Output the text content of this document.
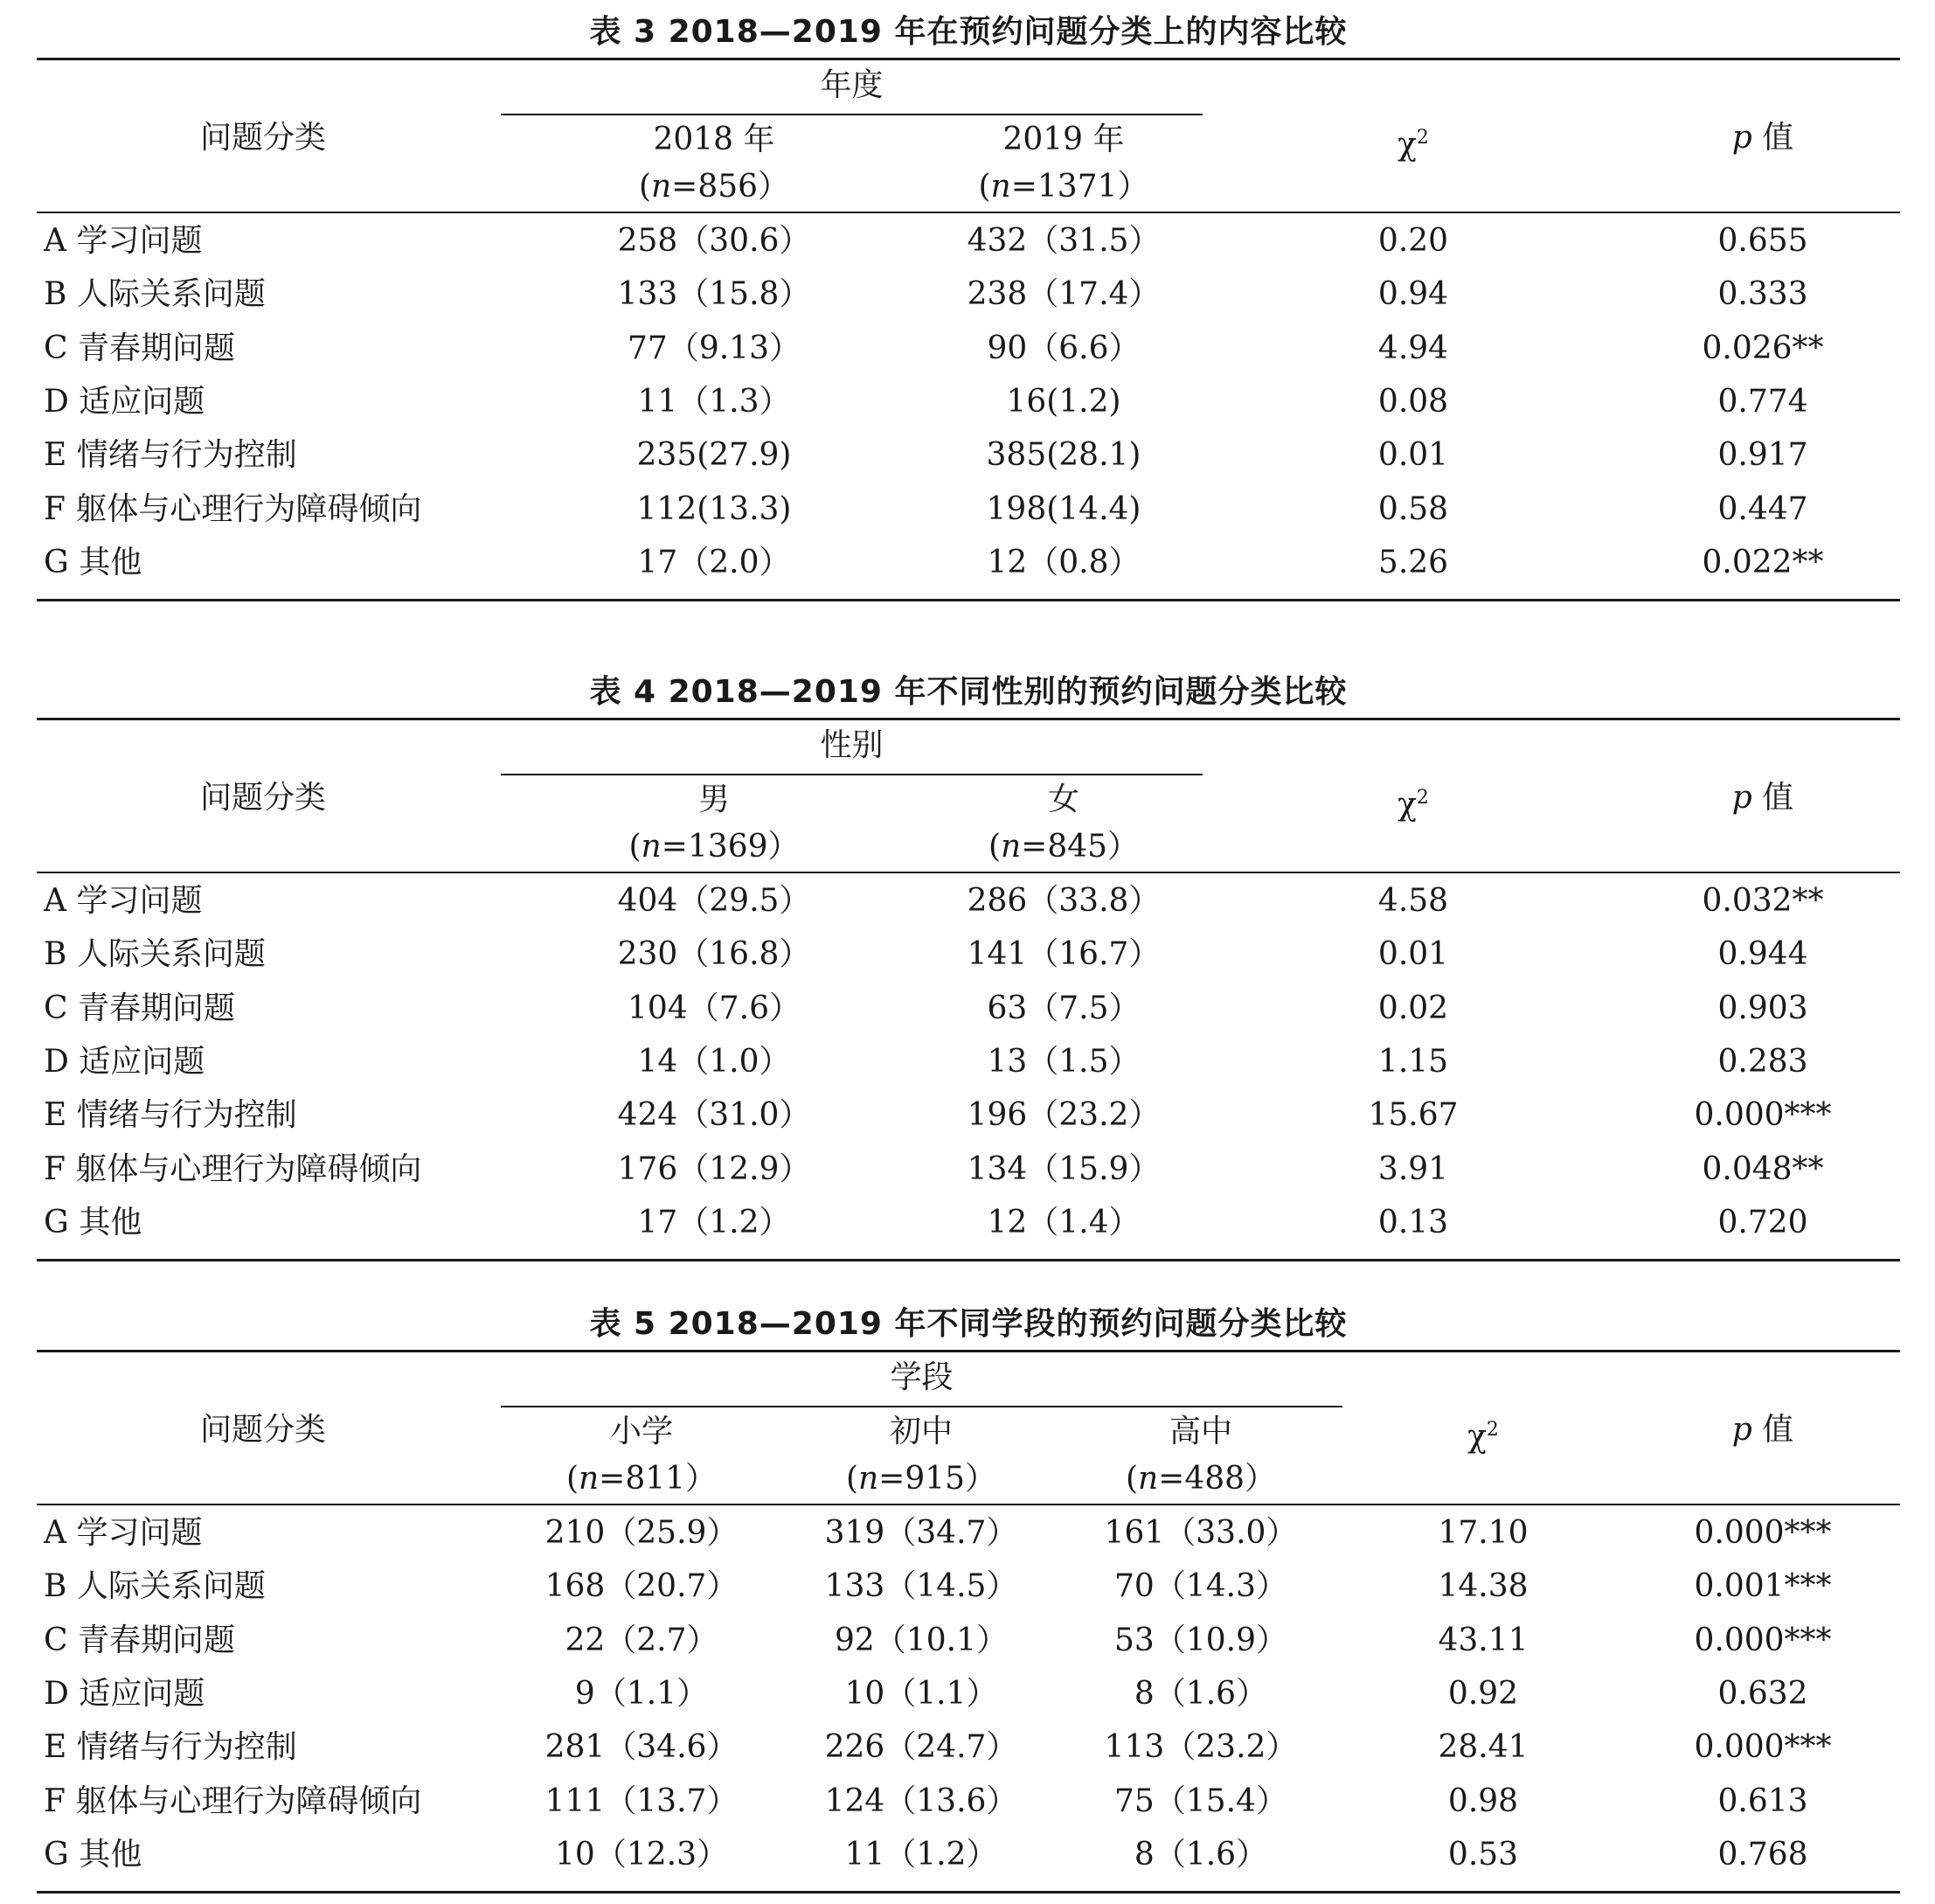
表 3 2018—2019 年在预约问题分类上的内容比较
年度
问题分类	2018 年
(n=856）
2019 年
(n=1371）
$\chi^2$	p 值
A 学习问题	258（30.6）	432（31.5）	0.20	0.655
B 人际关系问题	133（15.8）	238（17.4）	0.94	0.333
C 青春期问题	77（9.13）	90（6.6）	4.94	0.026**
D 适应问题	11（1.3）	16(1.2)	0.08	0.774
E 情绪与行为控制	235(27.9)	385(28.1)	0.01	0.917
F 躯体与心理行为障碍倾向	112(13.3)	198(14.4)	0.58	0.447
G 其他	17（2.0）	12（0.8）	5.26	0.022**
表 4 2018—2019 年不同性别的预约问题分类比较
性别
问题分类	男
(n=1369）
女
(n=845）
$\chi^2$	p 值
A 学习问题	404（29.5）	286（33.8）	4.58	0.032**
B 人际关系问题	230（16.8）	141（16.7）	0.01	0.944
C 青春期问题	104（7.6）	63（7.5）	0.02	0.903
D 适应问题	14（1.0）	13（1.5）	1.15	0.283
E 情绪与行为控制	424（31.0）	196（23.2）	15.67	0.000***
F 躯体与心理行为障碍倾向	176（12.9）	134（15.9）	3.91	0.048**
G 其他	17（1.2）	12（1.4）	0.13	0.720
表 5 2018—2019 年不同学段的预约问题分类比较
学段
问题分类	小学
(n=811）
初中
(n=915）
高中
(n=488）
$\chi^2$	p 值
A 学习问题	210（25.9）	319（34.7）	161（33.0）	17.10	0.000***
B 人际关系问题	168（20.7）	133（14.5）	70（14.3）	14.38	0.001***
C 青春期问题	22（2.7）	92（10.1）	53（10.9）	43.11	0.000***
D 适应问题	9（1.1）	10（1.1）	8（1.6）	0.92	0.632
E 情绪与行为控制	281（34.6）	226（24.7）	113（23.2）	28.41	0.000***
F 躯体与心理行为障碍倾向	111（13.7）	124（13.6）	75（15.4）	0.98	0.613
G 其他	10（12.3）	11（1.2）	8（1.6）	0.53	0.768
